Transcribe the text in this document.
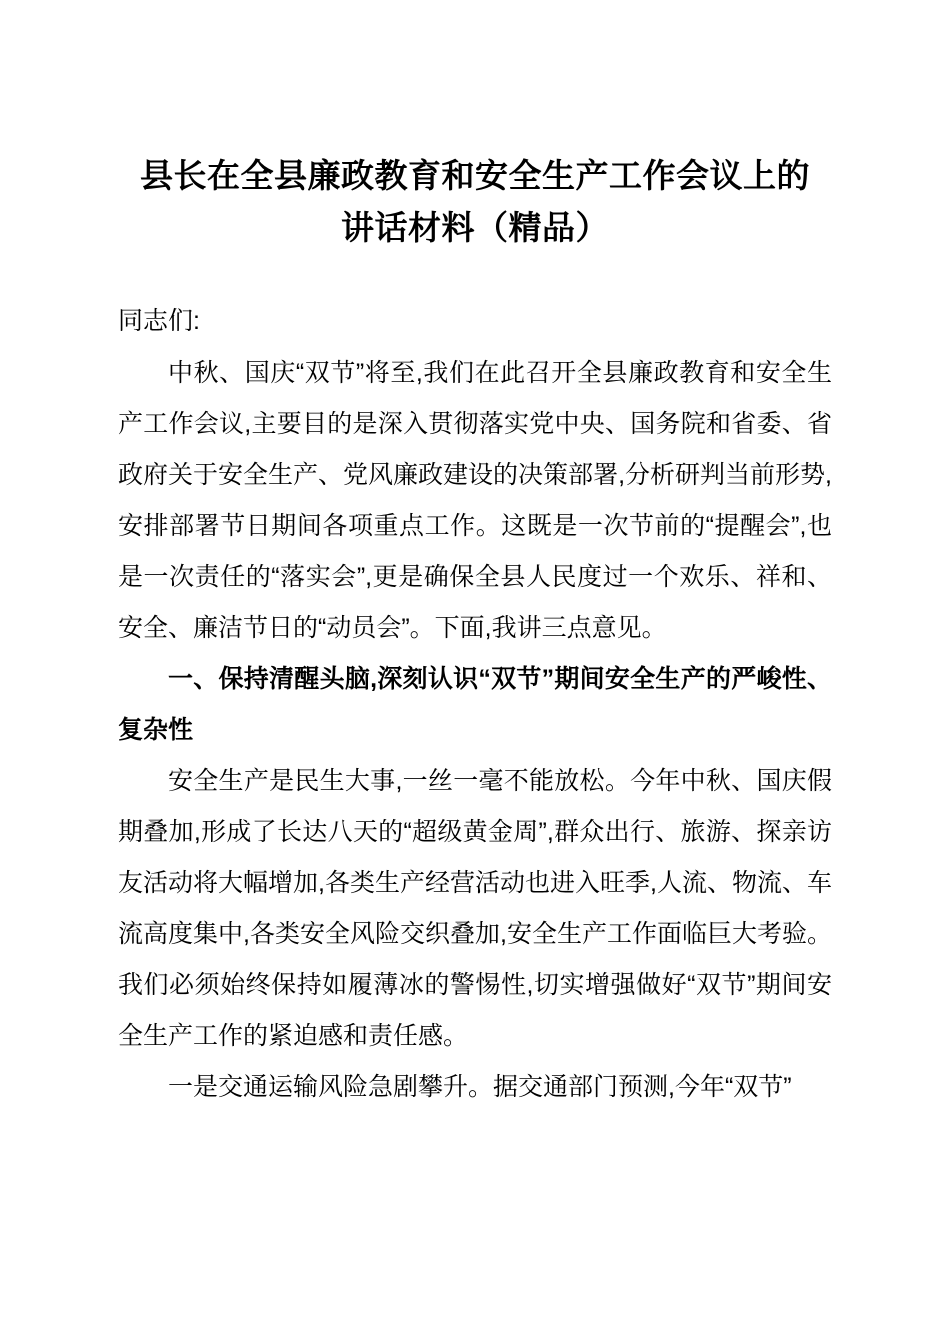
县长在全县廉政教育和安全生产工作会议上的讲话材料（精品）

同志们:

中秋、国庆“双节”将至,我们在此召开全县廉政教育和安全生产工作会议,主要目的是深入贯彻落实党中央、国务院和省委、省政府关于安全生产、党风廉政建设的决策部署,分析研判当前形势,安排部署节日期间各项重点工作。这既是一次节前的“提醒会”,也是一次责任的“落实会”,更是确保全县人民度过一个欢乐、祥和、安全、廉洁节日的“动员会”。下面,我讲三点意见。

一、保持清醒头脑,深刻认识“双节”期间安全生产的严峻性、复杂性

安全生产是民生大事,一丝一毫不能放松。今年中秋、国庆假期叠加,形成了长达八天的“超级黄金周”,群众出行、旅游、探亲访友活动将大幅增加,各类生产经营活动也进入旺季,人流、物流、车流高度集中,各类安全风险交织叠加,安全生产工作面临巨大考验。我们必须始终保持如履薄冰的警惕性,切实增强做好“双节”期间安全生产工作的紧迫感和责任感。

一是交通运输风险急剧攀升。据交通部门预测,今年“双节”
